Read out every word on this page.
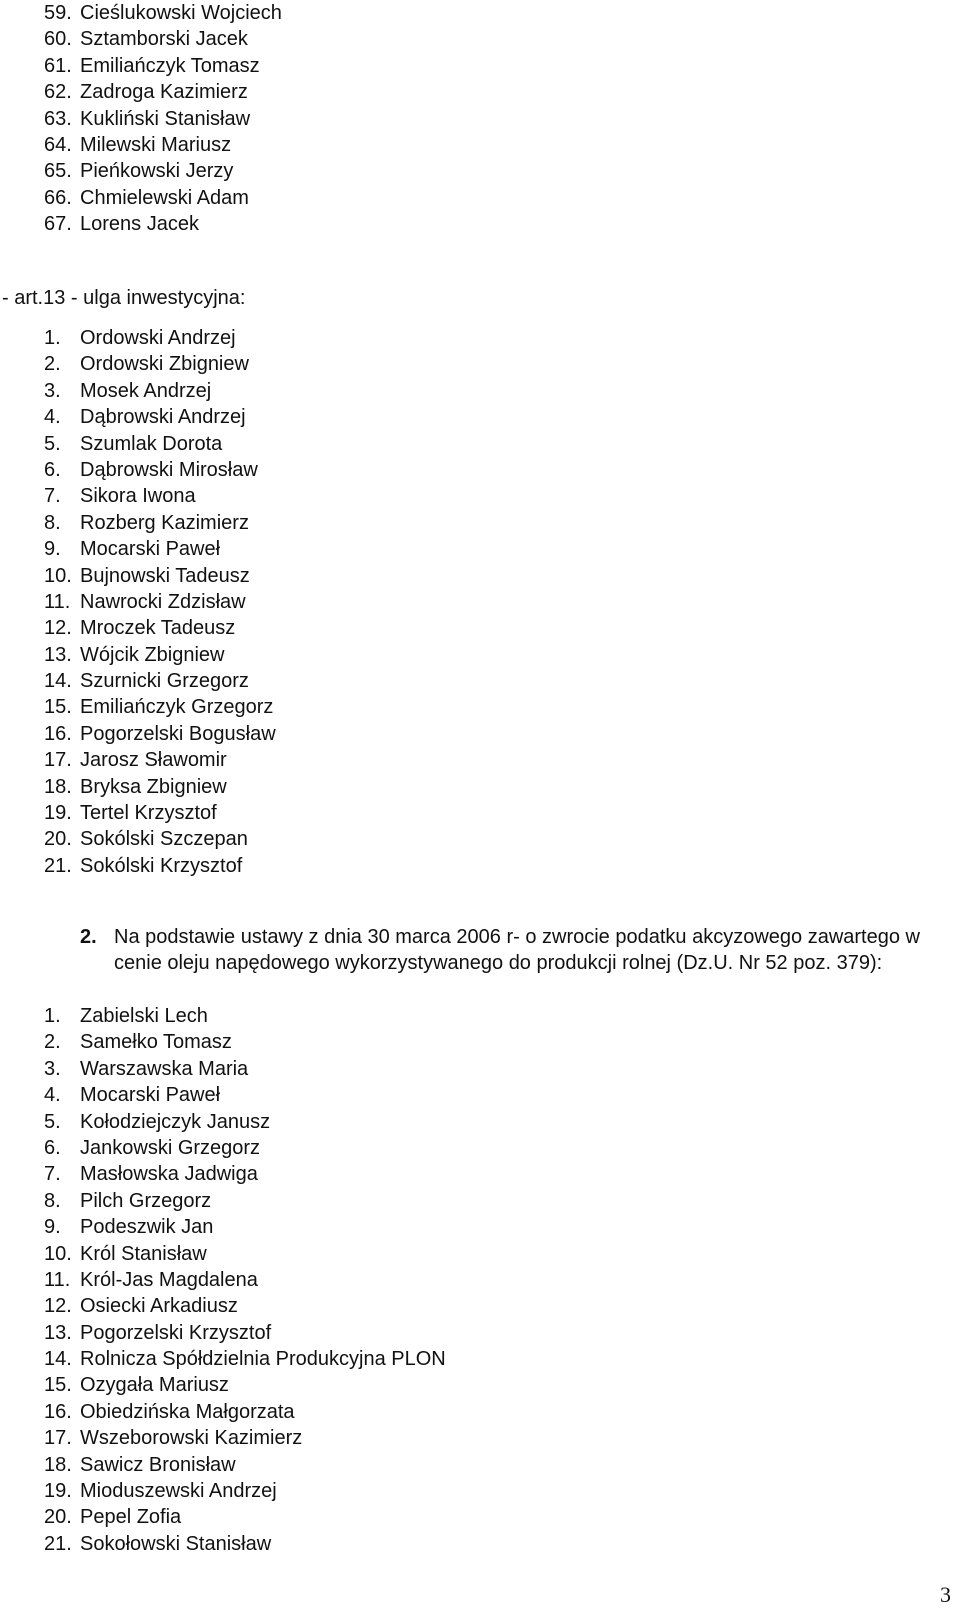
59. Cieślukowski Wojciech
60. Sztamborski Jacek
61. Emiliańczyk Tomasz
62. Zadroga Kazimierz
63. Kukliński Stanisław
64. Milewski Mariusz
65. Pieńkowski Jerzy
66. Chmielewski Adam
67. Lorens Jacek
- art.13 - ulga inwestycyjna:
1. Ordowski Andrzej
2. Ordowski Zbigniew
3. Mosek Andrzej
4. Dąbrowski Andrzej
5. Szumlak Dorota
6. Dąbrowski Mirosław
7. Sikora Iwona
8. Rozberg Kazimierz
9. Mocarski Paweł
10. Bujnowski Tadeusz
11. Nawrocki Zdzisław
12. Mroczek Tadeusz
13. Wójcik Zbigniew
14. Szurnicki Grzegorz
15. Emiliańczyk Grzegorz
16. Pogorzelski Bogusław
17. Jarosz Sławomir
18. Bryksa Zbigniew
19. Tertel Krzysztof
20. Sokólski Szczepan
21. Sokólski Krzysztof
2. Na podstawie ustawy z dnia 30 marca 2006 r- o zwrocie podatku akcyzowego zawartego w cenie oleju napędowego wykorzystywanego do produkcji rolnej (Dz.U. Nr 52 poz. 379):
1. Zabielski Lech
2. Samełko Tomasz
3. Warszawska Maria
4. Mocarski Paweł
5. Kołodziejczyk Janusz
6. Jankowski Grzegorz
7. Masłowska Jadwiga
8. Pilch Grzegorz
9. Podeszwik Jan
10. Król Stanisław
11. Król-Jas Magdalena
12. Osiecki Arkadiusz
13. Pogorzelski Krzysztof
14. Rolnicza Spółdzielnia Produkcyjna PLON
15. Ozygała Mariusz
16. Obiedzińska Małgorzata
17. Wszeborowski Kazimierz
18. Sawicz Bronisław
19. Mioduszewski Andrzej
20. Pepel Zofia
21. Sokołowski Stanisław
3
